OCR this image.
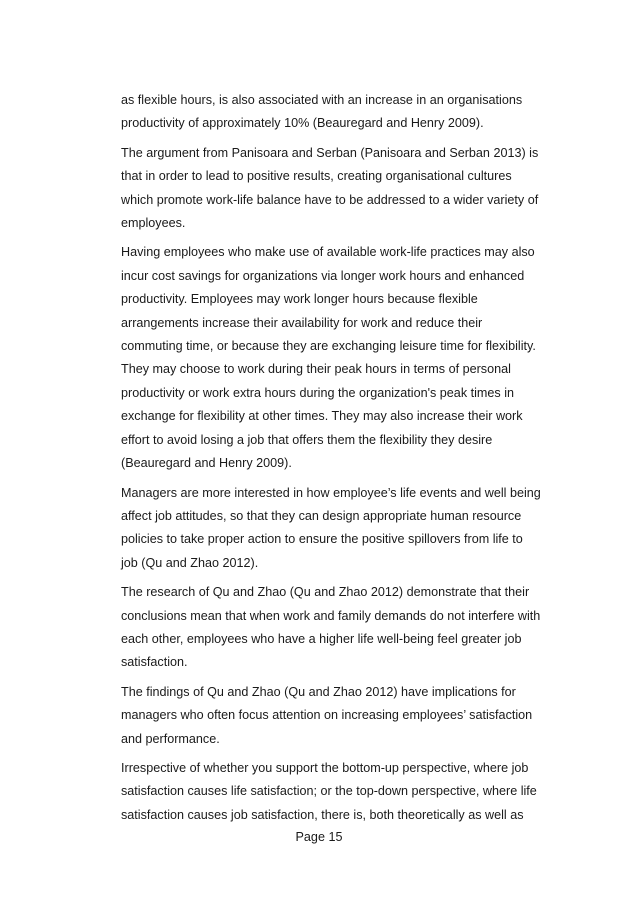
as flexible hours, is also associated with an increase in an organisations productivity of approximately 10% (Beauregard and Henry 2009).

The argument from Panisoara and Serban (Panisoara and Serban 2013) is that in order to lead to positive results, creating organisational cultures which promote work-life balance have to be addressed to a wider variety of employees.

Having employees who make use of available work-life practices may also incur cost savings for organizations via longer work hours and enhanced productivity. Employees may work longer hours because flexible arrangements increase their availability for work and reduce their commuting time, or because they are exchanging leisure time for flexibility. They may choose to work during their peak hours in terms of personal productivity or work extra hours during the organization's peak times in exchange for flexibility at other times. They may also increase their work effort to avoid losing a job that offers them the flexibility they desire (Beauregard and Henry 2009).

Managers are more interested in how employee’s life events and well being affect job attitudes, so that they can design appropriate human resource policies to take proper action to ensure the positive spillovers from life to job (Qu and Zhao 2012).

The research of Qu and Zhao (Qu and Zhao 2012) demonstrate that their conclusions mean that when work and family demands do not interfere with each other, employees who have a higher life well-being feel greater job satisfaction.

The findings of Qu and Zhao (Qu and Zhao 2012) have implications for managers who often focus attention on increasing employees’ satisfaction and performance.

Irrespective of whether you support the bottom-up perspective, where job satisfaction causes life satisfaction; or the top-down perspective, where life satisfaction causes job satisfaction, there is, both theoretically as well as

Page 15
